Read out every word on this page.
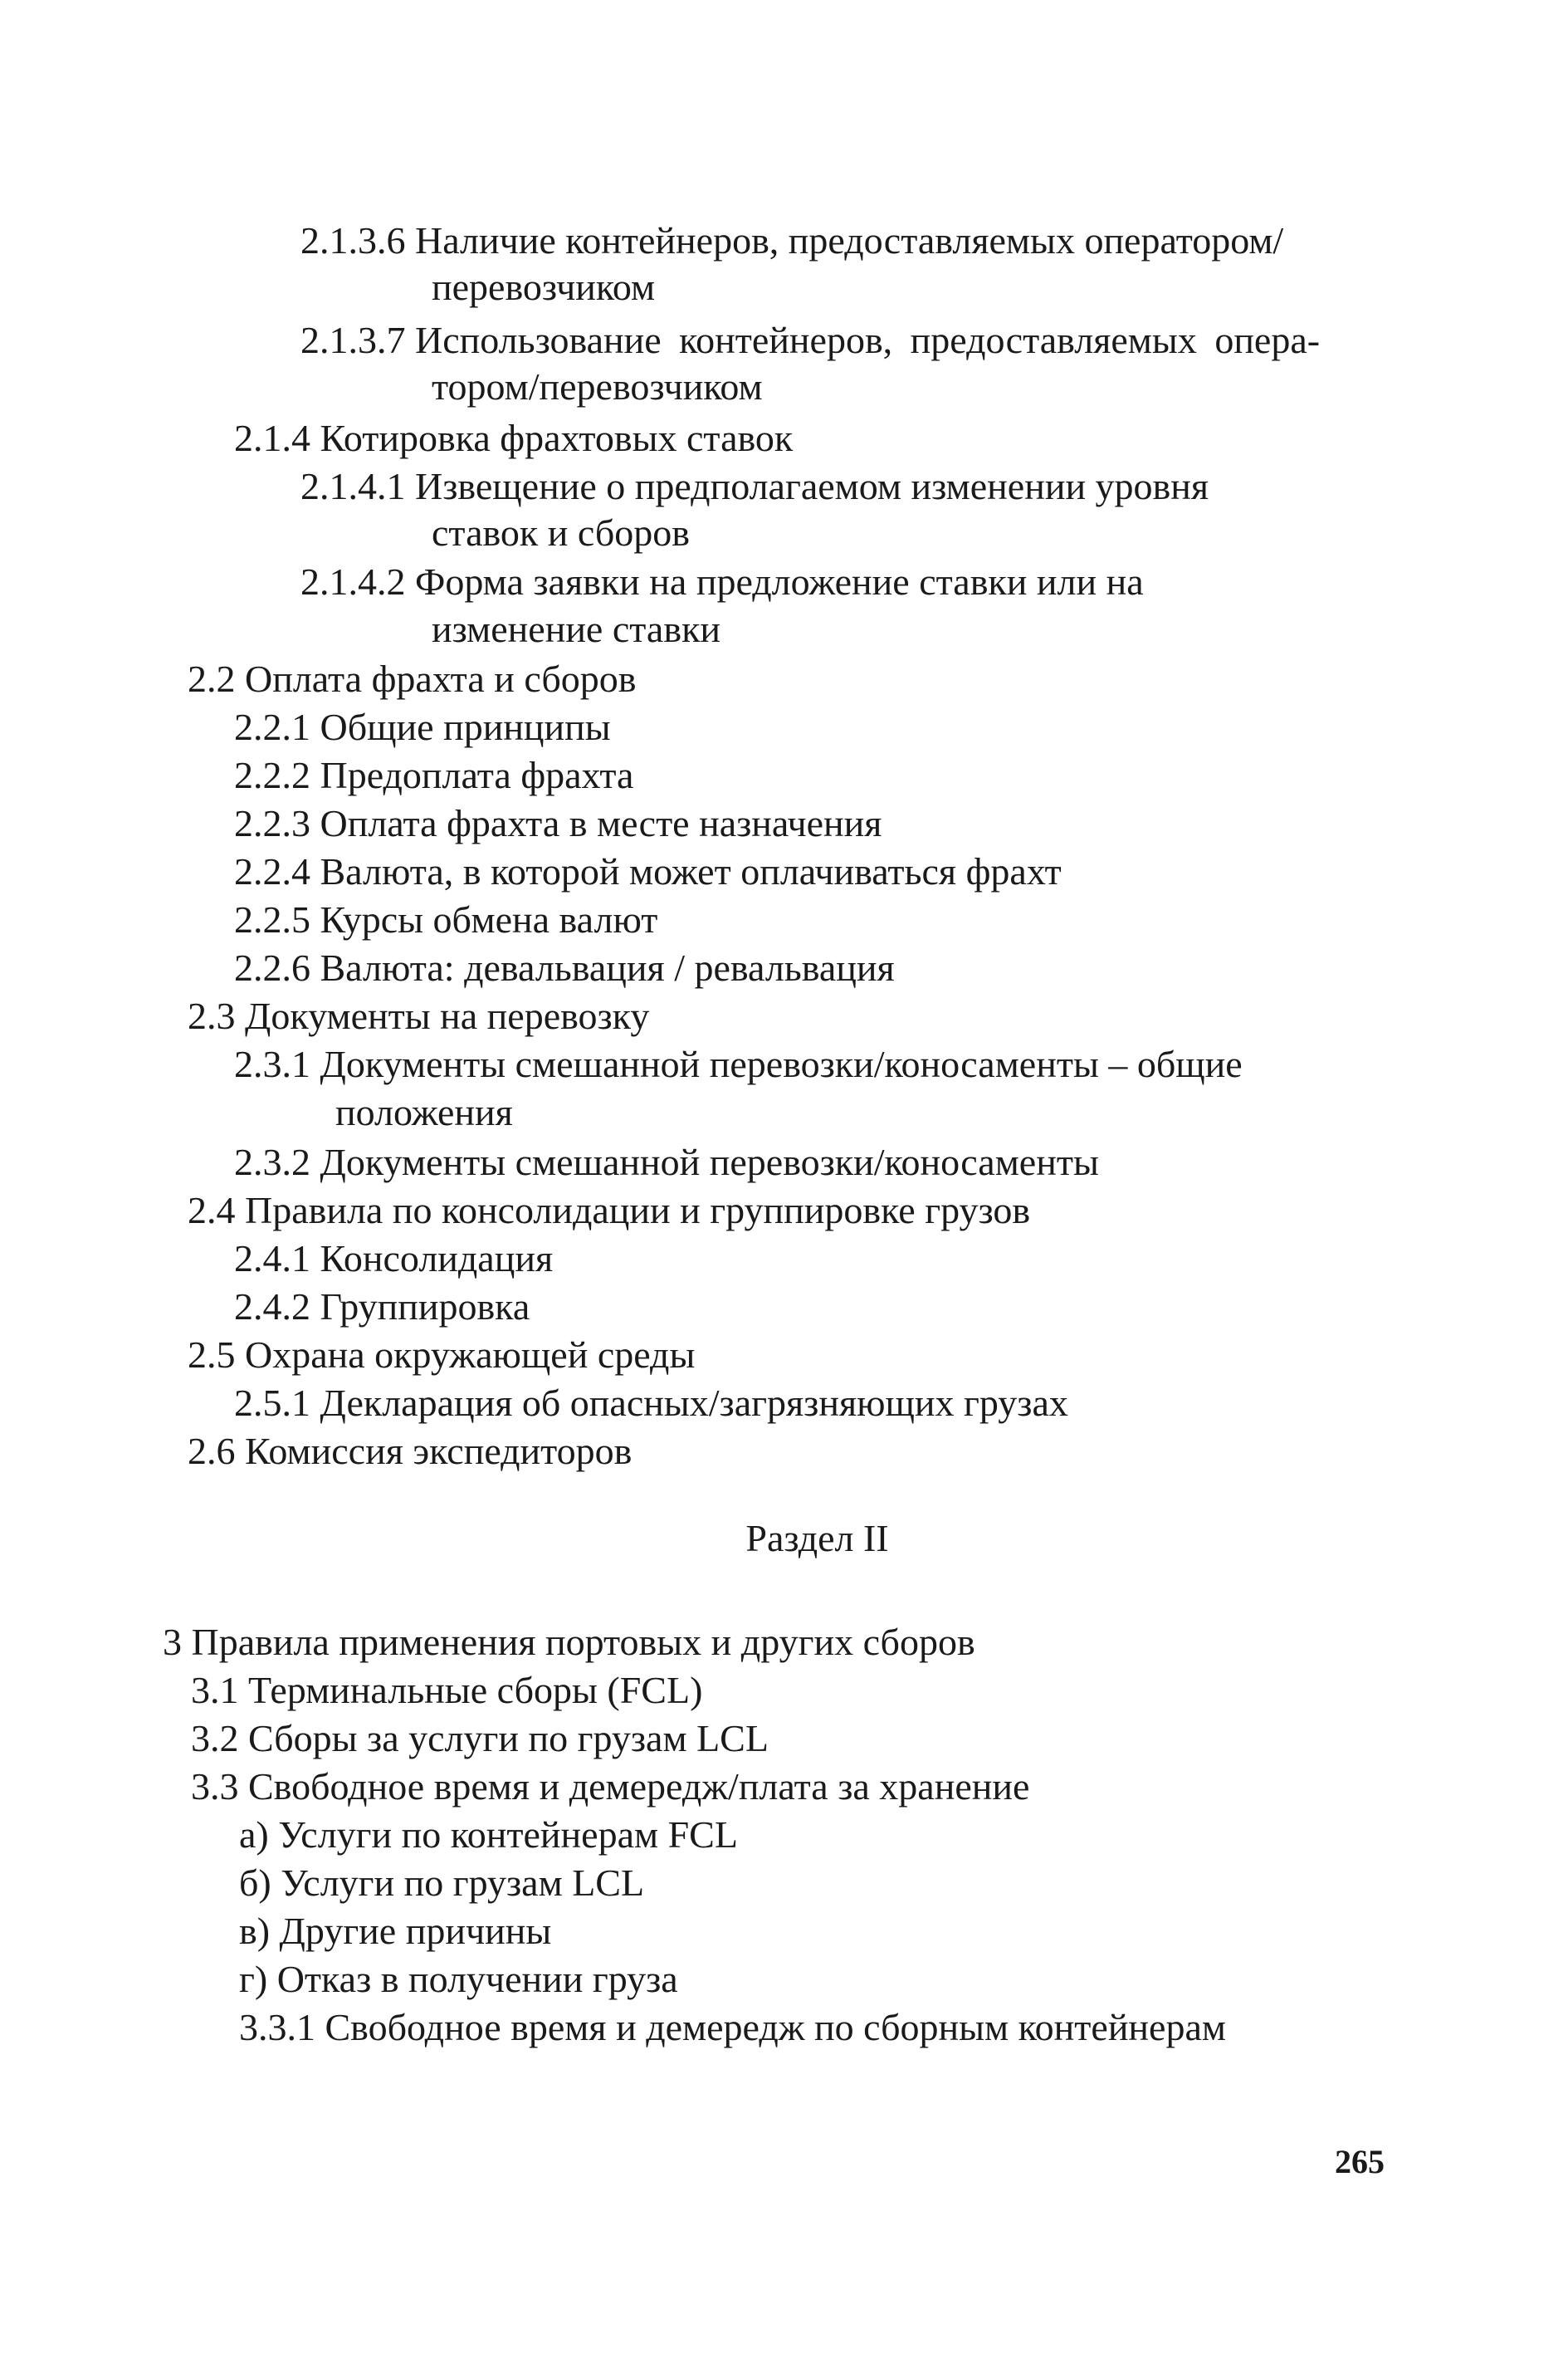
2.1.3.6 Наличие контейнеров, предоставляемых оператором/
перевозчиком
2.1.3.7 Использование контейнеров, предоставляемых опера-
тором/перевозчиком
2.1.4 Котировка фрахтовых ставок
2.1.4.1 Извещение о предполагаемом изменении уровня
ставок и сборов
2.1.4.2 Форма заявки на предложение ставки или на
изменение ставки
2.2 Оплата фрахта и сборов
2.2.1 Общие принципы
2.2.2 Предоплата фрахта
2.2.3 Оплата фрахта в месте назначения
2.2.4 Валюта, в которой может оплачиваться фрахт
2.2.5 Курсы обмена валют
2.2.6 Валюта: девальвация / ревальвация
2.3 Документы на перевозку
2.3.1 Документы смешанной перевозки/коносаменты – общие
положения
2.3.2 Документы смешанной перевозки/коносаменты
2.4 Правила по консолидации и группировке грузов
2.4.1 Консолидация
2.4.2 Группировка
2.5 Охрана окружающей среды
2.5.1 Декларация об опасных/загрязняющих грузах
2.6 Комиссия экспедиторов
Раздел II
3 Правила применения портовых и других сборов
3.1 Терминальные сборы (FCL)
3.2 Сборы за услуги по грузам LCL
3.3 Свободное время и демередж/плата за хранение
а) Услуги по контейнерам FCL
б) Услуги по грузам LCL
в) Другие причины
г) Отказ в получении груза
3.3.1 Свободное время и демередж по сборным контейнерам
265
